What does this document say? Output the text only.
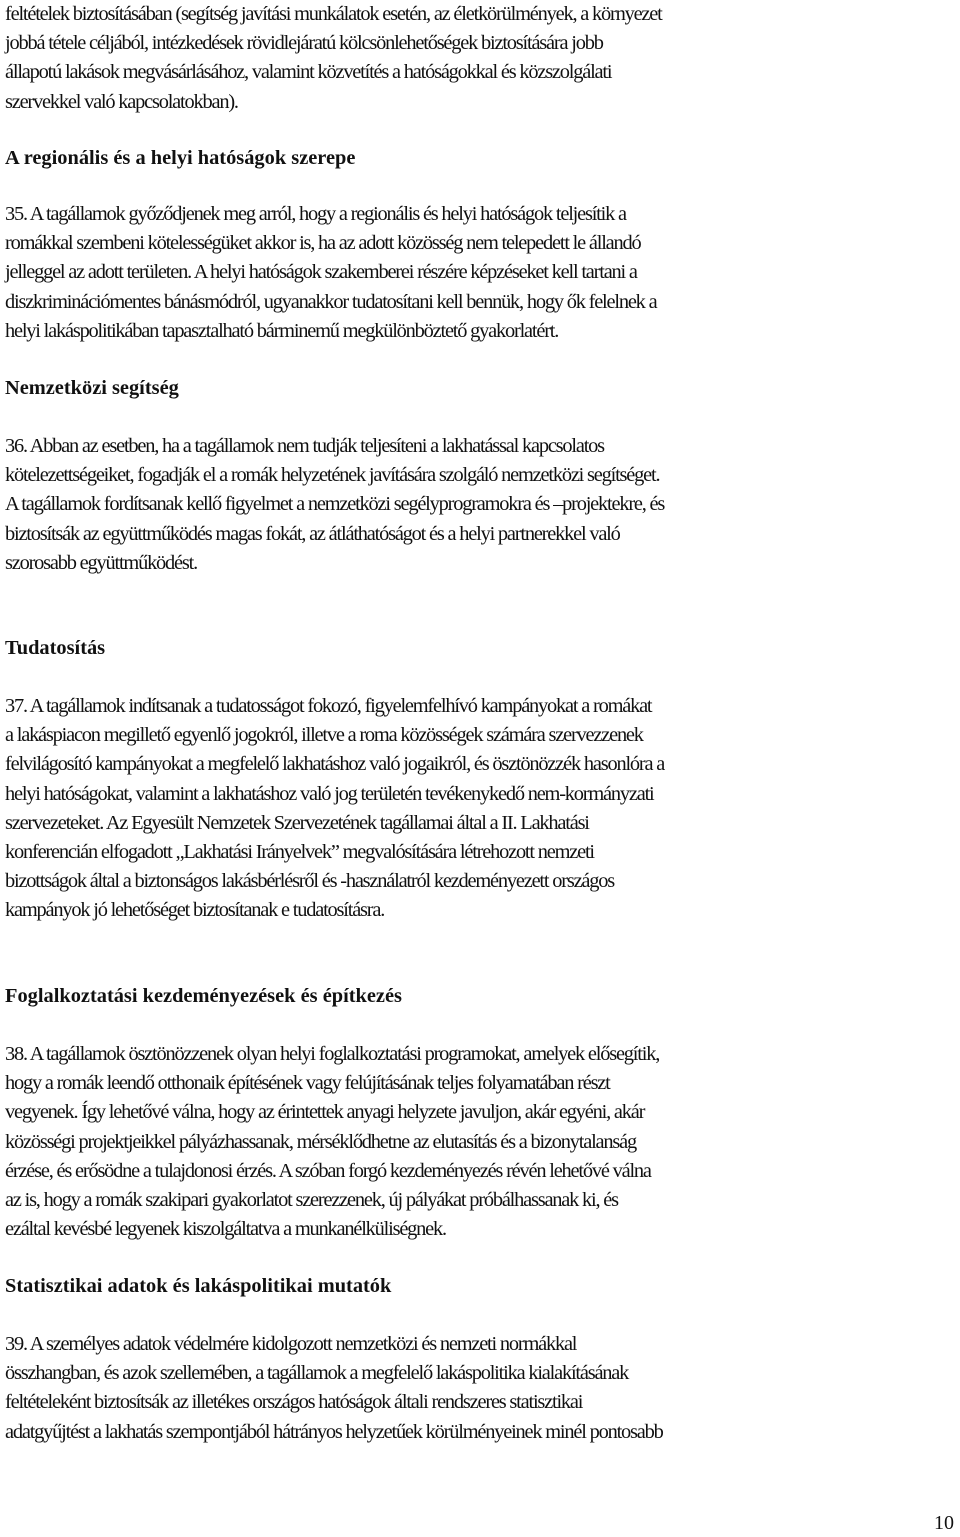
feltételek biztosításában (segítség javítási munkálatok esetén, az életkörülmények, a környezet
jobbá tétele céljából, intézkedések rövidlejáratú kölcsönlehetőségek biztosítására jobb
állapotú lakások megvásárlásához, valamint közvetítés a hatóságokkal és közszolgálati
szervekkel való kapcsolatokban).

A regionális és a helyi hatóságok szerepe

35. A tagállamok győződjenek meg arról, hogy a regionális és helyi hatóságok teljesítik a
romákkal szembeni kötelességüket akkor is, ha az adott közösség nem telepedett le állandó
jelleggel az adott területen. A helyi hatóságok szakemberei részére képzéseket kell tartani a
diszkriminációmentes bánásmódról, ugyanakkor tudatosítani kell bennük, hogy ők felelnek a
helyi lakáspolitikában tapasztalható bárminemű megkülönböztető gyakorlatért.

Nemzetközi segítség

36. Abban az esetben, ha a tagállamok nem tudják teljesíteni a lakhatással kapcsolatos
kötelezettségeiket, fogadják el a romák helyzetének javítására szolgáló nemzetközi segítséget.
A tagállamok fordítsanak kellő figyelmet a nemzetközi segélyprogramokra és –projektekre, és
biztosítsák az együttműködés magas fokát, az átláthatóságot és a helyi partnerekkel való
szorosabb együttműködést.

Tudatosítás

37. A tagállamok indítsanak a tudatosságot fokozó, figyelemfelhívó kampányokat a romákat
a lakáspiacon megillető egyenlő jogokról, illetve a roma közösségek számára szervezzenek
felvilágosító kampányokat a megfelelő lakhatáshoz való jogaikról, és ösztönözzék hasonlóra a
helyi hatóságokat, valamint a lakhatáshoz való jog területén tevékenykedő nem-kormányzati
szervezeteket. Az Egyesült Nemzetek Szervezetének tagállamai által a II. Lakhatási
konferencián elfogadott „Lakhatási Irányelvek” megvalósítására létrehozott nemzeti
bizottságok által a biztonságos lakásbérlésről és -használatról kezdeményezett országos
kampányok jó lehetőséget biztosítanak e tudatosításra.

Foglalkoztatási kezdeményezések és építkezés

38. A tagállamok ösztönözzenek olyan helyi foglalkoztatási programokat, amelyek elősegítik,
hogy a romák leendő otthonaik építésének vagy felújításának teljes folyamatában részt
vegyenek. Így lehetővé válna, hogy az érintettek anyagi helyzete javuljon, akár egyéni, akár
közösségi projektjeikkel pályázhassanak, mérséklődhetne az elutasítás és a bizonytalanság
érzése, és erősödne a tulajdonosi érzés. A szóban forgó kezdeményezés révén lehetővé válna
az is, hogy a romák szakipari gyakorlatot szerezzenek, új pályákat próbálhassanak ki, és
ezáltal kevésbé legyenek kiszolgáltatva a munkanélküliségnek.

Statisztikai adatok és lakáspolitikai mutatók

39. A személyes adatok védelmére kidolgozott nemzetközi és nemzeti normákkal
összhangban, és azok szellemében, a tagállamok a megfelelő lakáspolitika kialakításának
feltételeként biztosítsák az illetékes országos hatóságok általi rendszeres statisztikai
adatgyűjtést a lakhatás szempontjából hátrányos helyzetűek körülményeinek minél pontosabb

10
